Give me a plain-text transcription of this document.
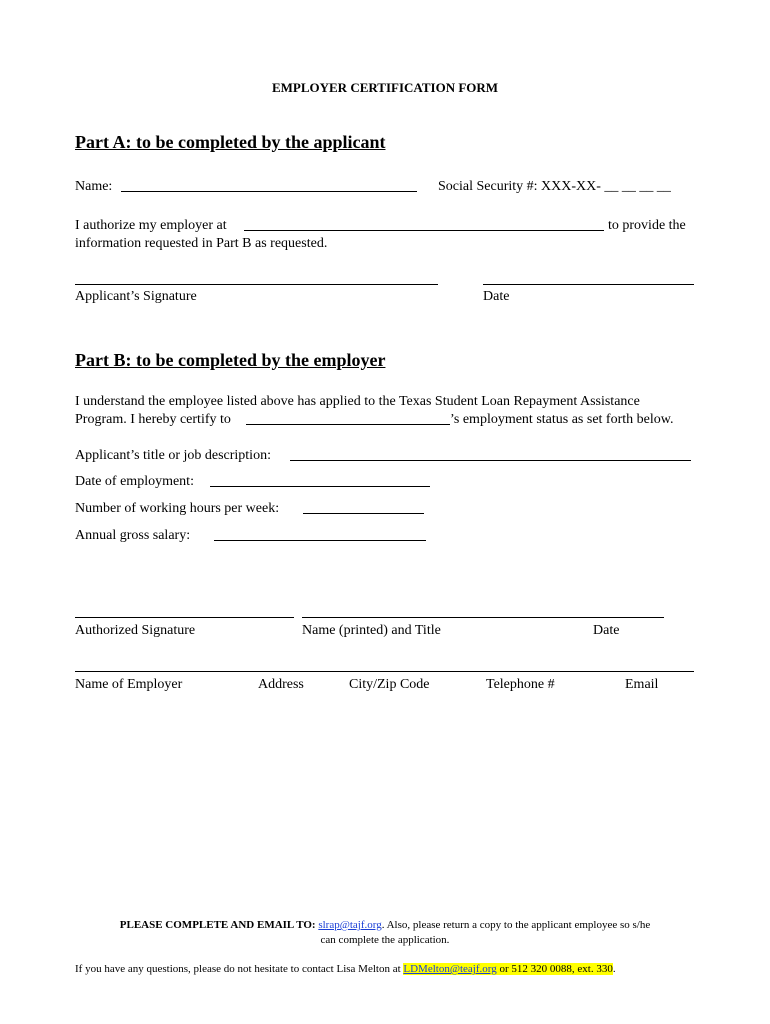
EMPLOYER CERTIFICATION FORM
Part A: to be completed by the applicant
Name:	Social Security #: XXX-XX- __ __ __ __
I authorize my employer at	to provide the
information requested in Part B as requested.
Applicant’s Signature	Date
Part B: to be completed by the employer
I understand the employee listed above has applied to the Texas Student Loan Repayment Assistance
Program. I hereby certify to	’s employment status as set forth below.
Applicant’s title or job description:
Date of employment:
Number of working hours per week:
Annual gross salary:
Authorized Signature	Name (printed) and Title	Date
Name of Employer	Address	City/Zip Code	Telephone #	Email
PLEASE COMPLETE AND EMAIL TO: slrap@tajf.org. Also, please return a copy to the applicant employee so s/he
can complete the application.
If you have any questions, please do not hesitate to contact Lisa Melton at LDMelton@teajf.org or 512 320 0088, ext. 330.
